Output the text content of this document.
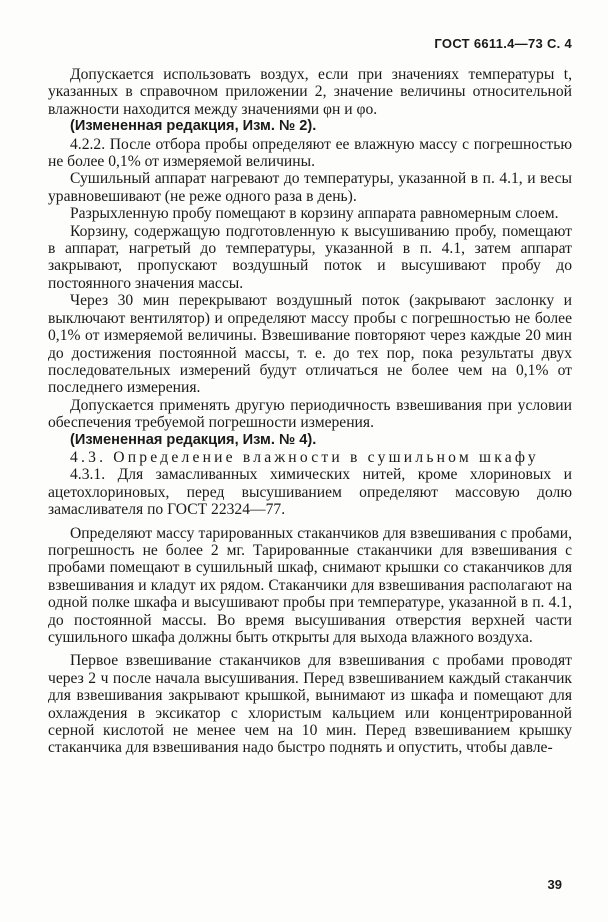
ГОСТ 6611.4—73 С. 4

Допускается использовать воздух, если при значениях температуры t, указанных в справочном приложении 2, значение величины относительной влажности находится между значениями φн и φо.

(Измененная редакция, Изм. № 2).

4.2.2. После отбора пробы определяют ее влажную массу с погрешностью не более 0,1% от измеряемой величины.

Сушильный аппарат нагревают до температуры, указанной в п. 4.1, и весы уравновешивают (не реже одного раза в день).

Разрыхленную пробу помещают в корзину аппарата равномерным слоем.

Корзину, содержащую подготовленную к высушиванию пробу, помещают в аппарат, нагретый до температуры, указанной в п. 4.1, затем аппарат закрывают, пропускают воздушный поток и высушивают пробу до постоянного значения массы.

Через 30 мин перекрывают воздушный поток (закрывают заслонку и выключают вентилятор) и определяют массу пробы с погрешностью не более 0,1% от измеряемой величины. Взвешивание повторяют через каждые 20 мин до достижения постоянной массы, т. е. до тех пор, пока результаты двух последовательных измерений будут отличаться не более чем на 0,1% от последнего измерения.

Допускается применять другую периодичность взвешивания при условии обеспечения требуемой погрешности измерения.

(Измененная редакция, Изм. № 4).

4.3. Определение влажности в сушильном шкафу

4.3.1. Для замасливанных химических нитей, кроме хлориновых и ацетохлориновых, перед высушиванием определяют массовую долю замасливателя по ГОСТ 22324—77.

Определяют массу тарированных стаканчиков для взвешивания с пробами, погрешность не более 2 мг. Тарированные стаканчики для взвешивания с пробами помещают в сушильный шкаф, снимают крышки со стаканчиков для взвешивания и кладут их рядом. Стаканчики для взвешивания располагают на одной полке шкафа и высушивают пробы при температуре, указанной в п. 4.1, до постоянной массы. Во время высушивания отверстия верхней части сушильного шкафа должны быть открыты для выхода влажного воздуха.

Первое взвешивание стаканчиков для взвешивания с пробами проводят через 2 ч после начала высушивания. Перед взвешиванием каждый стаканчик для взвешивания закрывают крышкой, вынимают из шкафа и помещают для охлаждения в эксикатор с хлористым кальцием или концентрированной серной кислотой не менее чем на 10 мин. Перед взвешиванием крышку стаканчика для взвешивания надо быстро поднять и опустить, чтобы давле-

39
